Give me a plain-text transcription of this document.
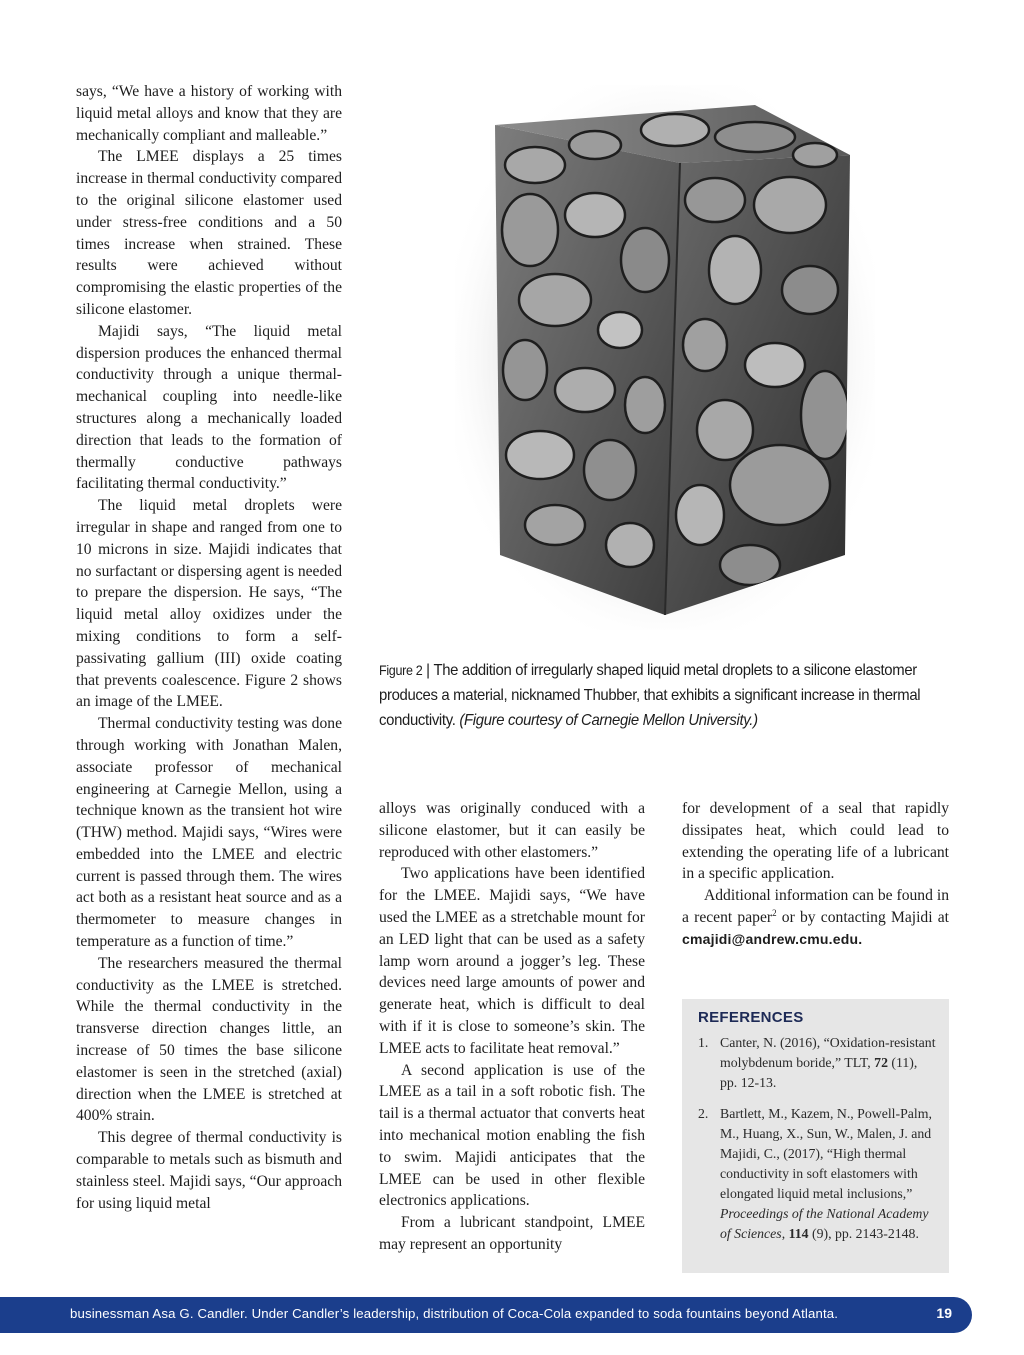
says, “We have a history of working with liquid metal alloys and know that they are mechanically compliant and malleable.”

The LMEE displays a 25 times increase in thermal conductivity compared to the original silicone elastomer used under stress-free conditions and a 50 times increase when strained. These results were achieved without compromising the elastic properties of the silicone elastomer.

Majidi says, “The liquid metal dispersion produces the enhanced thermal conductivity through a unique thermal-mechanical coupling into needle-like structures along a mechanically loaded direction that leads to the formation of thermally conductive pathways facilitating thermal conductivity.”

The liquid metal droplets were irregular in shape and ranged from one to 10 microns in size. Majidi indicates that no surfactant or dispersing agent is needed to prepare the dispersion. He says, “The liquid metal alloy oxidizes under the mixing conditions to form a self-passivating gallium (III) oxide coating that prevents coalescence. Figure 2 shows an image of the LMEE.

Thermal conductivity testing was done through working with Jonathan Malen, associate professor of mechanical engineering at Carnegie Mellon, using a technique known as the transient hot wire (THW) method. Majidi says, “Wires were embedded into the LMEE and electric current is passed through them. The wires act both as a resistant heat source and as a thermometer to measure changes in temperature as a function of time.”

The researchers measured the thermal conductivity as the LMEE is stretched. While the thermal conductivity in the transverse direction changes little, an increase of 50 times the base silicone elastomer is seen in the stretched (axial) direction when the LMEE is stretched at 400% strain.

This degree of thermal conductivity is comparable to metals such as bismuth and stainless steel. Majidi says, “Our approach for using liquid metal

Figure 2 | The addition of irregularly shaped liquid metal droplets to a silicone elastomer produces a material, nicknamed Thubber, that exhibits a significant increase in thermal conductivity. (Figure courtesy of Carnegie Mellon University.)

alloys was originally conduced with a silicone elastomer, but it can easily be reproduced with other elastomers.”

Two applications have been identified for the LMEE. Majidi says, “We have used the LMEE as a stretchable mount for an LED light that can be used as a safety lamp worn around a jogger’s leg. These devices need large amounts of power and generate heat, which is difficult to deal with if it is close to someone’s skin. The LMEE acts to facilitate heat removal.”

A second application is use of the LMEE as a tail in a soft robotic fish. The tail is a thermal actuator that converts heat into mechanical motion enabling the fish to swim. Majidi anticipates that the LMEE can be used in other flexible electronics applications.

From a lubricant standpoint, LMEE may represent an opportunity

for development of a seal that rapidly dissipates heat, which could lead to extending the operating life of a lubricant in a specific application.

Additional information can be found in a recent paper$^2$ or by contacting Majidi at cmajidi@andrew.cmu.edu.

REFERENCES
1. Canter, N. (2016), “Oxidation-resistant molybdenum boride,” TLT, 72 (11), pp. 12-13.
2. Bartlett, M., Kazem, N., Powell-Palm, M., Huang, X., Sun, W., Malen, J. and Majidi, C., (2017), “High thermal conductivity in soft elastomers with elongated liquid metal inclusions,” Proceedings of the National Academy of Sciences, 114 (9), pp. 2143-2148.
businessman Asa G. Candler. Under Candler’s leadership, distribution of Coca-Cola expanded to soda fountains beyond Atlanta.	19
